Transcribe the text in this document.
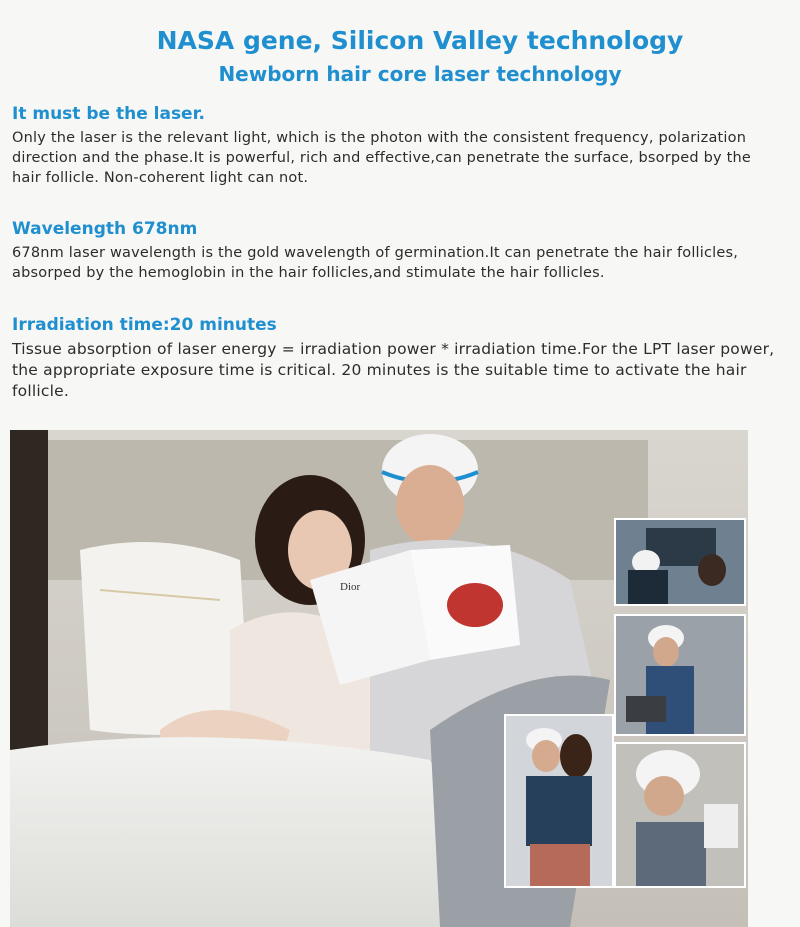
NASA gene, Silicon Valley technology
Newborn hair core laser technology

It must be the laser.

Only the laser is the relevant light, which is the photon with the consistent frequency, polarization direction and the phase.It is powerful, rich and effective,can penetrate the surface, bsorped by the hair follicle. Non-coherent light can not.

Wavelength 678nm

678nm laser wavelength is the gold wavelength of germination.It can penetrate the hair follicles, absorped by the hemoglobin in the hair follicles,and stimulate the hair follicles.

Irradiation time:20 minutes

Tissue absorption of laser energy = irradiation power * irradiation time.For the LPT laser power, the appropriate exposure time is critical. 20 minutes is the suitable time to activate the hair follicle.

Dior
